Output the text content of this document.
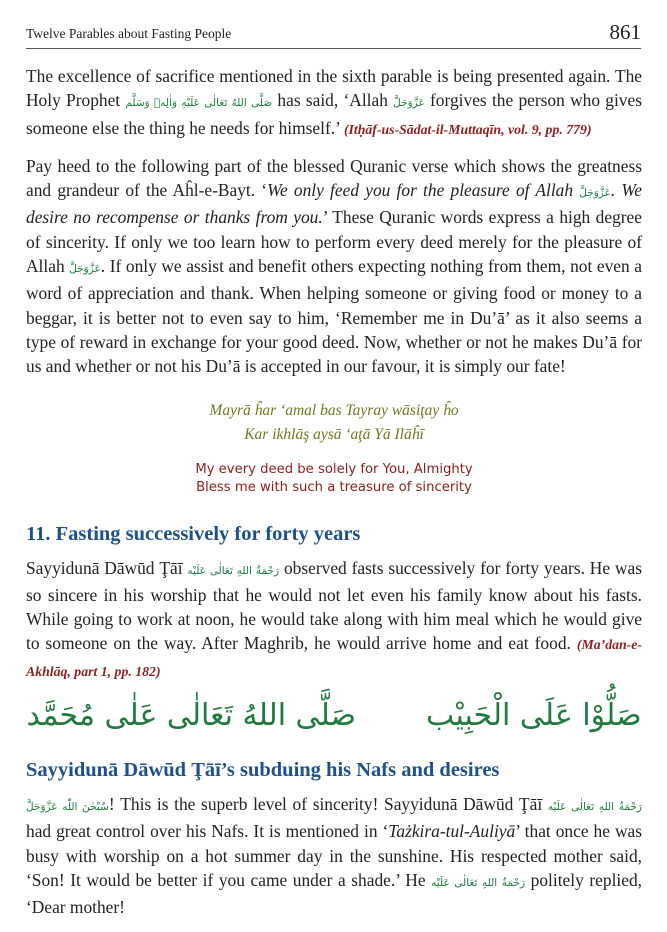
Twelve Parables about Fasting People	861

The excellence of sacrifice mentioned in the sixth parable is being presented again. The Holy Prophet صَلَّى اللهُ تَعَالٰى عَلَيْهِ وَاٰلِهٖ وَسَلَّم has said, ‘Allah عَزَّوَجَلَّ forgives the person who gives someone else the thing he needs for himself.’ (Itḥāf-us-Sādat-il-Muttaqīn, vol. 9, pp. 779)

Pay heed to the following part of the blessed Quranic verse which shows the greatness and grandeur of the Aĥl-e-Bayt. ‘We only feed you for the pleasure of Allah عَزَّوَجَلَّ. We desire no recompense or thanks from you.’ These Quranic words express a high degree of sincerity. If only we too learn how to perform every deed merely for the pleasure of Allah عَزَّوَجَلَّ. If only we assist and benefit others expecting nothing from them, not even a word of appreciation and thank. When helping someone or giving food or money to a beggar, it is better not to even say to him, ‘Remember me in Du’ā’ as it also seems a type of reward in exchange for your good deed. Now, whether or not he makes Du’ā for us and whether or not his Du’ā is accepted in our favour, it is simply our fate!

Mayrā ĥar ‘amal bas Tayray wāsiţay ĥo
Kar ikhlāş aysā ‘aţā Yā Ilāĥī
My every deed be solely for You, Almighty
Bless me with such a treasure of sincerity
11. Fasting successively for forty years

Sayyidunā Dāwūd Ţāī رَحْمَةُ اللهِ تَعَالٰى عَلَيْه observed fasts successively for forty years. He was so sincere in his worship that he would not let even his family know about his fasts. While going to work at noon, he would take along with him meal which he would give to someone on the way. After Maghrib, he would arrive home and eat food. (Ma’dan-e-Akhlāq, part 1, pp. 182)

صَلُّوْا عَلَى الْحَبِيْب
صَلَّى اللهُ تَعَالٰى عَلٰى مُحَمَّد
Sayyidunā Dāwūd Ţāī’s subduing his Nafs and desires

سُبْحٰنَ اللّٰه عَزَّوَجَلَّ! This is the superb level of sincerity! Sayyidunā Dāwūd Ţāī رَحْمَةُ اللهِ تَعَالٰى عَلَيْه had great control over his Nafs. It is mentioned in ‘Tażkira-tul-Auliyā’ that once he was busy with worship on a hot summer day in the sunshine. His respected mother said, ‘Son! It would be better if you came under a shade.’ He رَحْمَةُ اللهِ تَعَالٰى عَلَيْه politely replied, ‘Dear mother!
